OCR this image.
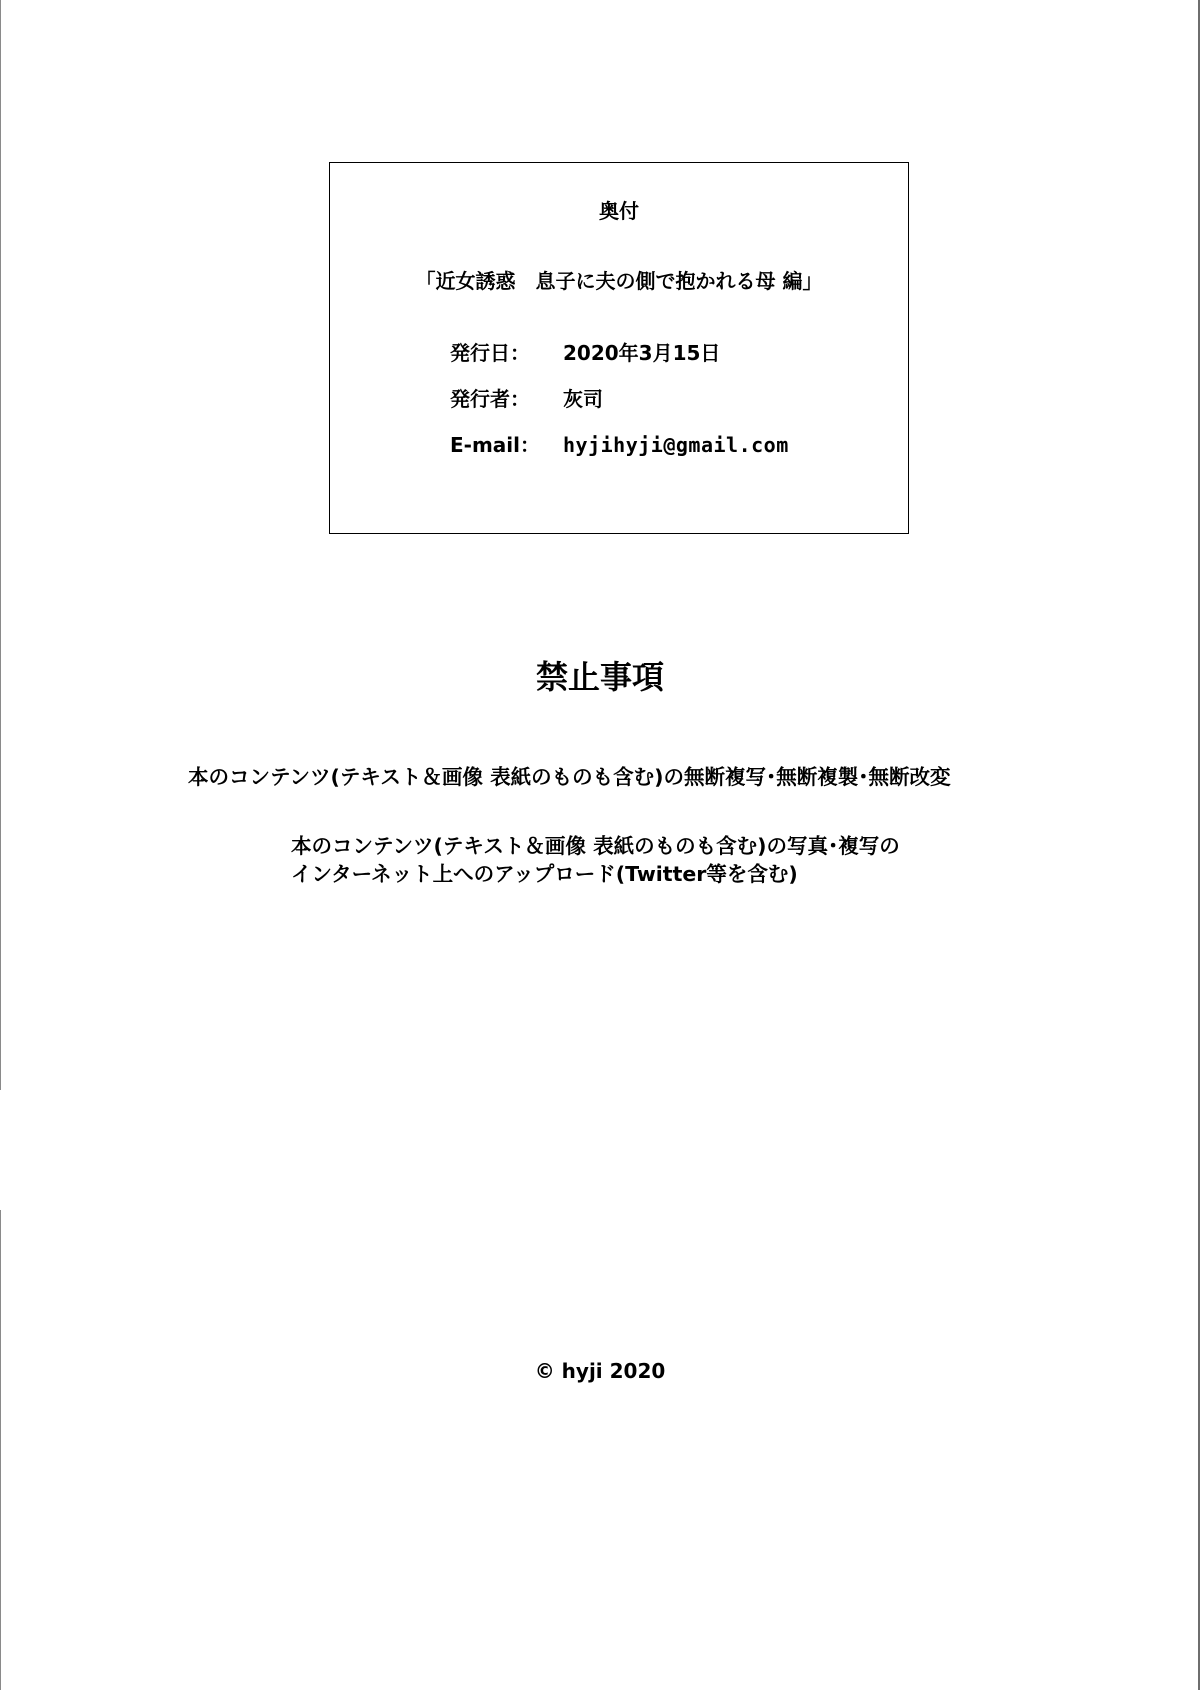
奥付
「近女誘惑　息子に夫の側で抱かれる母 編」
発行日： 2020年3月15日
発行者： 灰司
E-mail： hyjihyji@gmail.com
禁止事項
本のコンテンツ(テキスト＆画像 表紙のものも含む)の無断複写･無断複製･無断改変
本のコンテンツ(テキスト＆画像 表紙のものも含む)の写真･複写の
インターネット上へのアップロード(Twitter等を含む)
© hyji 2020
